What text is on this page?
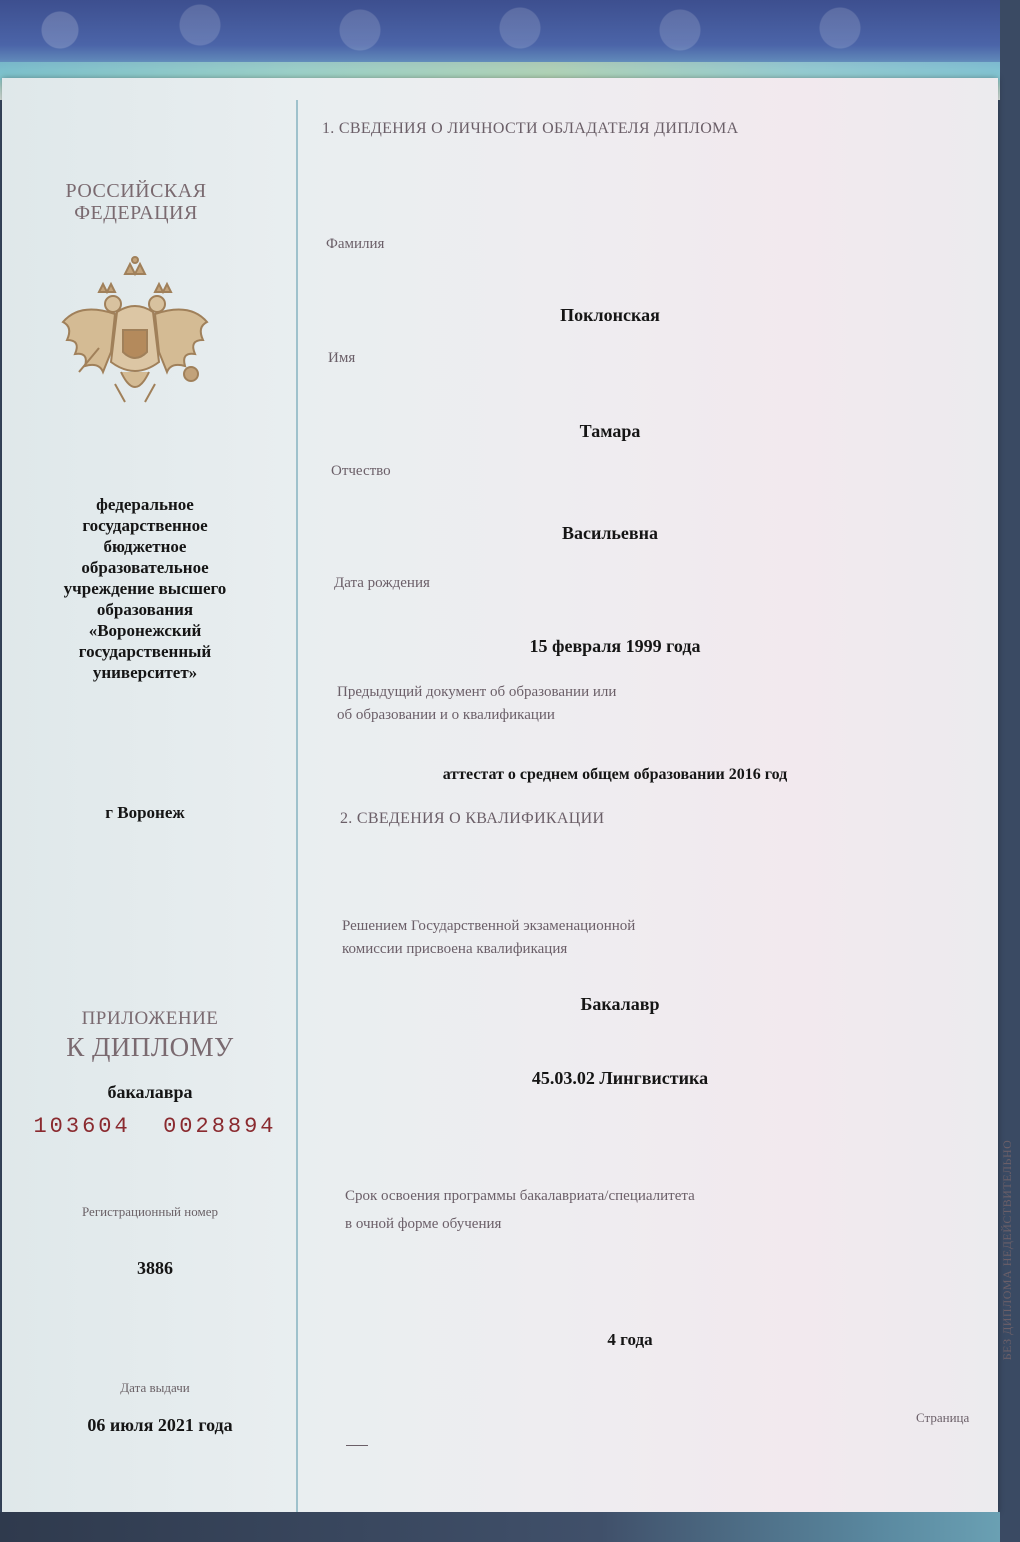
РОССИЙСКАЯ ФЕДЕРАЦИЯ
федеральное государственное бюджетное образовательное учреждение высшего образования «Воронежский государственный университет»
г Воронеж
ПРИЛОЖЕНИЕ
К ДИПЛОМУ
бакалавра
103604  0028894
Регистрационный номер
3886
Дата выдачи
06 июля 2021 года
1. СВЕДЕНИЯ О ЛИЧНОСТИ ОБЛАДАТЕЛЯ ДИПЛОМА
Фамилия
Поклонская
Имя
Тамара
Отчество
Васильевна
Дата рождения
15 февраля 1999 года
Предыдущий документ об образовании или
об образовании и о квалификации
аттестат о среднем общем образовании 2016 год
2. СВЕДЕНИЯ О КВАЛИФИКАЦИИ
Решением Государственной экзаменационной
комиссии присвоена квалификация
Бакалавр
45.03.02 Лингвистика
Срок освоения программы бакалавриата/специалитета
в очной форме обучения
4 года	БЕЗ ДИПЛОМА НЕДЕЙСТВИТЕЛЬНО
Страница
